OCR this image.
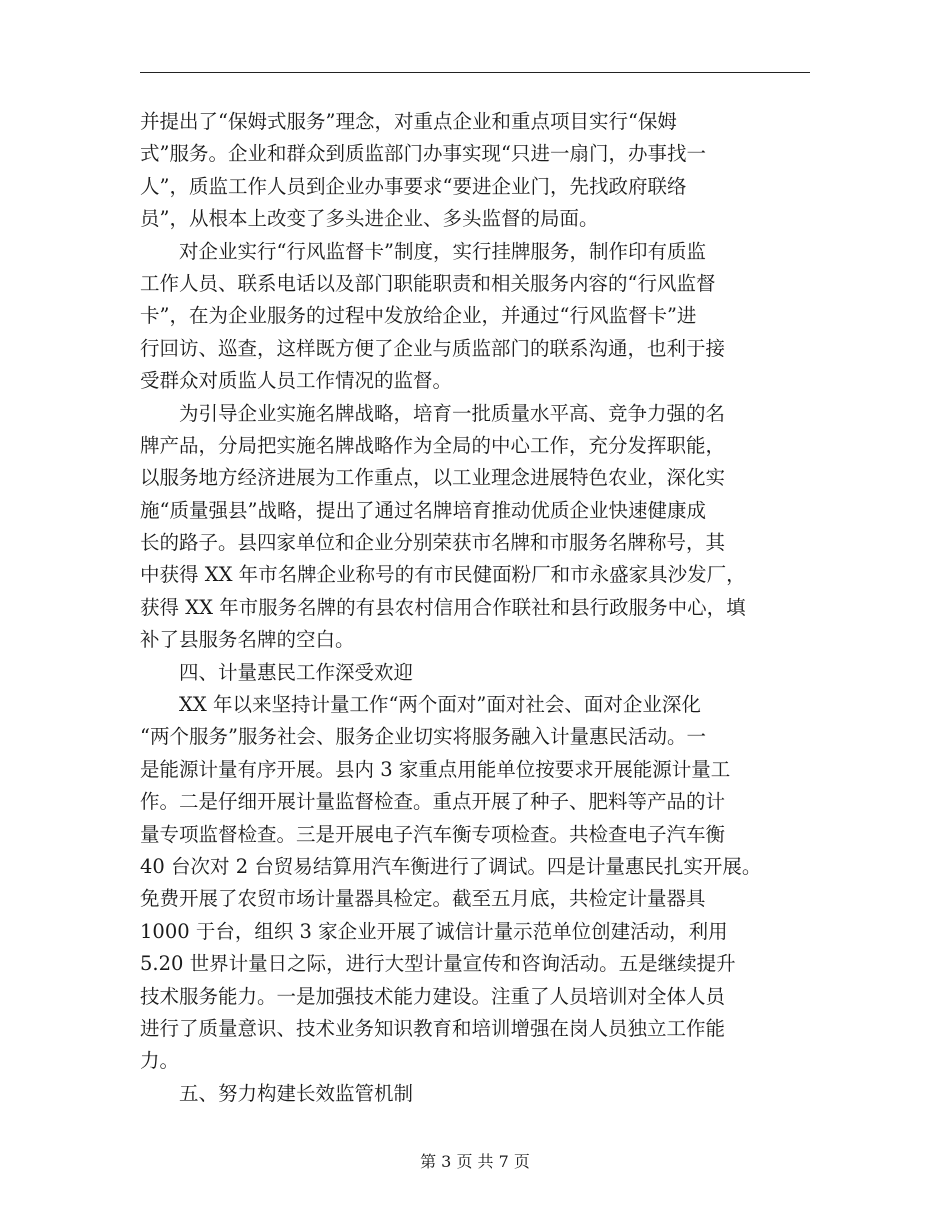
并提出了“保姆式服务”理念，对重点企业和重点项目实行“保姆
式”服务。企业和群众到质监部门办事实现“只进一扇门，办事找一
人”，质监工作人员到企业办事要求“要进企业门，先找政府联络
员”，从根本上改变了多头进企业、多头监督的局面。
　　对企业实行“行风监督卡”制度，实行挂牌服务，制作印有质监
工作人员、联系电话以及部门职能职责和相关服务内容的“行风监督
卡”，在为企业服务的过程中发放给企业，并通过“行风监督卡”进
行回访、巡查，这样既方便了企业与质监部门的联系沟通，也利于接
受群众对质监人员工作情况的监督。
　　为引导企业实施名牌战略，培育一批质量水平高、竞争力强的名
牌产品，分局把实施名牌战略作为全局的中心工作，充分发挥职能，
以服务地方经济进展为工作重点，以工业理念进展特色农业，深化实
施“质量强县”战略，提出了通过名牌培育推动优质企业快速健康成
长的路子。县四家单位和企业分别荣获市名牌和市服务名牌称号，其
中获得 XX 年市名牌企业称号的有市民健面粉厂和市永盛家具沙发厂，
获得 XX 年市服务名牌的有县农村信用合作联社和县行政服务中心，填
补了县服务名牌的空白。
　　四、计量惠民工作深受欢迎
　　XX 年以来坚持计量工作“两个面对”面对社会、面对企业深化
“两个服务”服务社会、服务企业切实将服务融入计量惠民活动。一
是能源计量有序开展。县内 3 家重点用能单位按要求开展能源计量工
作。二是仔细开展计量监督检查。重点开展了种子、肥料等产品的计
量专项监督检查。三是开展电子汽车衡专项检查。共检查电子汽车衡
40 台次对 2 台贸易结算用汽车衡进行了调试。四是计量惠民扎实开展。
免费开展了农贸市场计量器具检定。截至五月底，共检定计量器具
1000 于台，组织 3 家企业开展了诚信计量示范单位创建活动，利用
5.20 世界计量日之际，进行大型计量宣传和咨询活动。五是继续提升
技术服务能力。一是加强技术能力建设。注重了人员培训对全体人员
进行了质量意识、技术业务知识教育和培训增强在岗人员独立工作能
力。
　　五、努力构建长效监管机制
第 3 页 共 7 页
